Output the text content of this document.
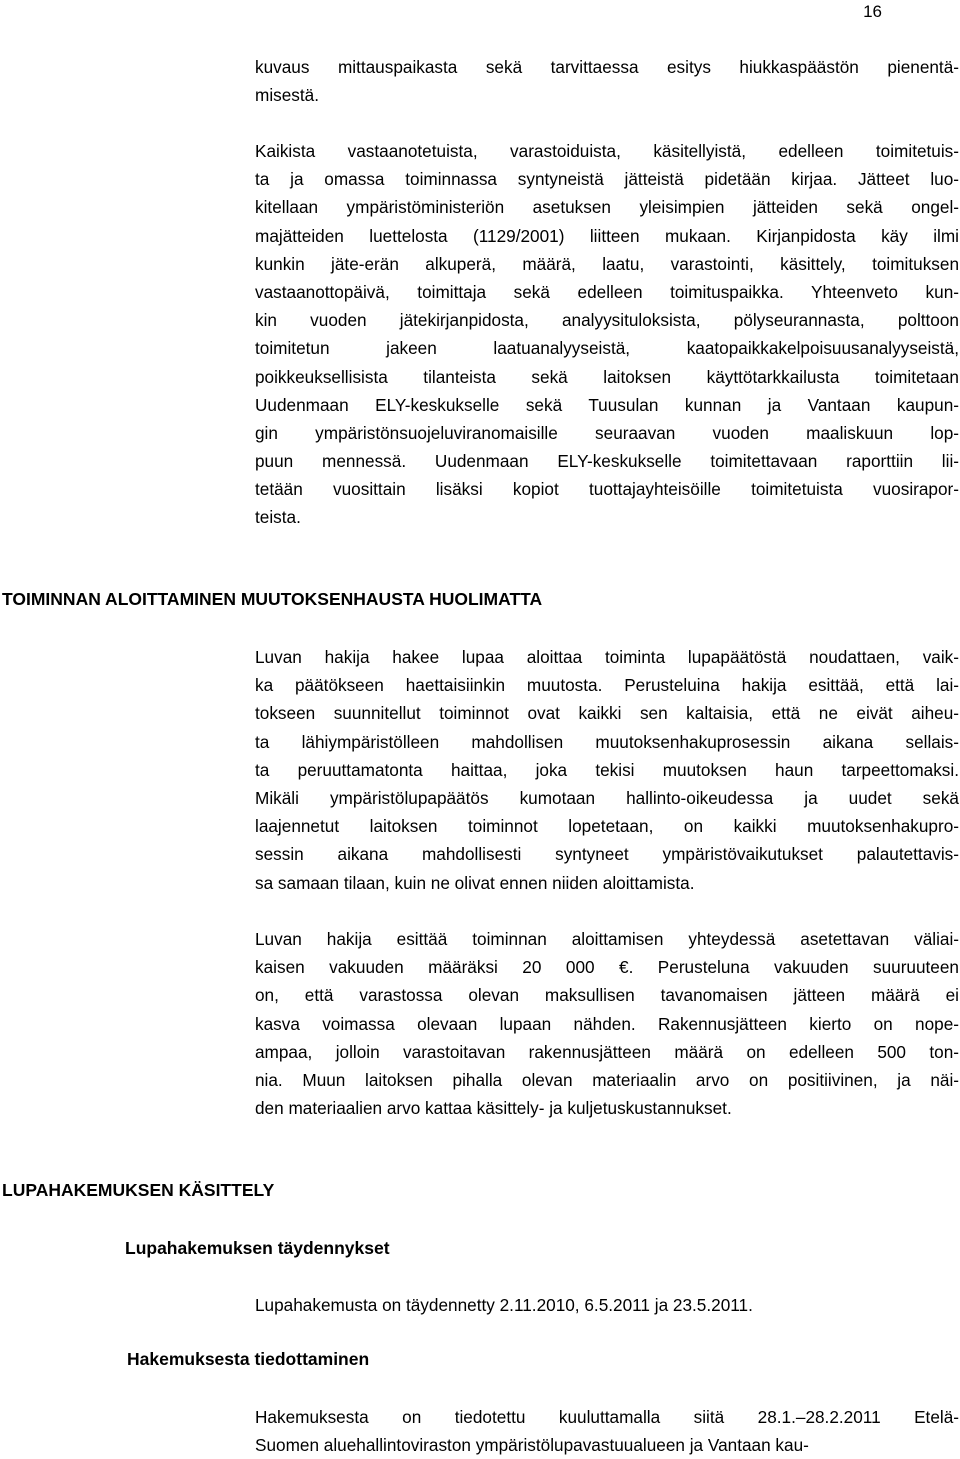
16
kuvaus mittauspaikasta sekä tarvittaessa esitys hiukkaspäästön pienentä-
misestä.
Kaikista vastaanotetuista, varastoiduista, käsitellyistä, edelleen toimitetuis-
ta ja omassa toiminnassa syntyneistä jätteistä pidetään kirjaa. Jätteet luo-
kitellaan ympäristöministeriön asetuksen yleisimpien jätteiden sekä ongel-
majätteiden luettelosta (1129/2001) liitteen mukaan. Kirjanpidosta käy ilmi
kunkin jäte-erän alkuperä, määrä, laatu, varastointi, käsittely, toimituksen
vastaanottopäivä, toimittaja sekä edelleen toimituspaikka. Yhteenveto kun-
kin vuoden jätekirjanpidosta, analyysituloksista, pölyseurannasta, polttoon
toimitetun jakeen laatuanalyyseistä, kaatopaikkakelpoisuusanalyyseistä,
poikkeuksellisista tilanteista sekä laitoksen käyttötarkkailusta toimitetaan
Uudenmaan ELY-keskukselle sekä Tuusulan kunnan ja Vantaan kaupun-
gin ympäristönsuojeluviranomaisille seuraavan vuoden maaliskuun lop-
puun mennessä. Uudenmaan ELY-keskukselle toimitettavaan raporttiin lii-
tetään vuosittain lisäksi kopiot tuottajayhteisöille toimitetuista vuosirapor-
teista.
TOIMINNAN ALOITTAMINEN MUUTOKSENHAUSTA HUOLIMATTA
Luvan hakija hakee lupaa aloittaa toiminta lupapäätöstä noudattaen, vaik-
ka päätökseen haettaisiinkin muutosta. Perusteluina hakija esittää, että lai-
tokseen suunnitellut toiminnot ovat kaikki sen kaltaisia, että ne eivät aiheu-
ta lähiympäristölleen mahdollisen muutoksenhakuprosessin aikana sellais-
ta peruuttamatonta haittaa, joka tekisi muutoksen haun tarpeettomaksi.
Mikäli ympäristölupapäätös kumotaan hallinto-oikeudessa ja uudet sekä
laajennetut laitoksen toiminnot lopetetaan, on kaikki muutoksenhakupro-
sessin aikana mahdollisesti syntyneet ympäristövaikutukset palautettavis-
sa samaan tilaan, kuin ne olivat ennen niiden aloittamista.
Luvan hakija esittää toiminnan aloittamisen yhteydessä asetettavan väliai-
kaisen vakuuden määräksi 20 000 €. Perusteluna vakuuden suuruuteen
on, että varastossa olevan maksullisen tavanomaisen jätteen määrä ei
kasva voimassa olevaan lupaan nähden. Rakennusjätteen kierto on nope-
ampaa, jolloin varastoitavan rakennusjätteen määrä on edelleen 500 ton-
nia. Muun laitoksen pihalla olevan materiaalin arvo on positiivinen, ja näi-
den materiaalien arvo kattaa käsittely- ja kuljetuskustannukset.
LUPAHAKEMUKSEN KÄSITTELY
Lupahakemuksen täydennykset
Lupahakemusta on täydennetty 2.11.2010, 6.5.2011 ja 23.5.2011.
Hakemuksesta tiedottaminen
Hakemuksesta on tiedotettu kuuluttamalla siitä 28.1.–28.2.2011 Etelä-
Suomen aluehallintoviraston ympäristölupavastuualueen ja Vantaan kau-
